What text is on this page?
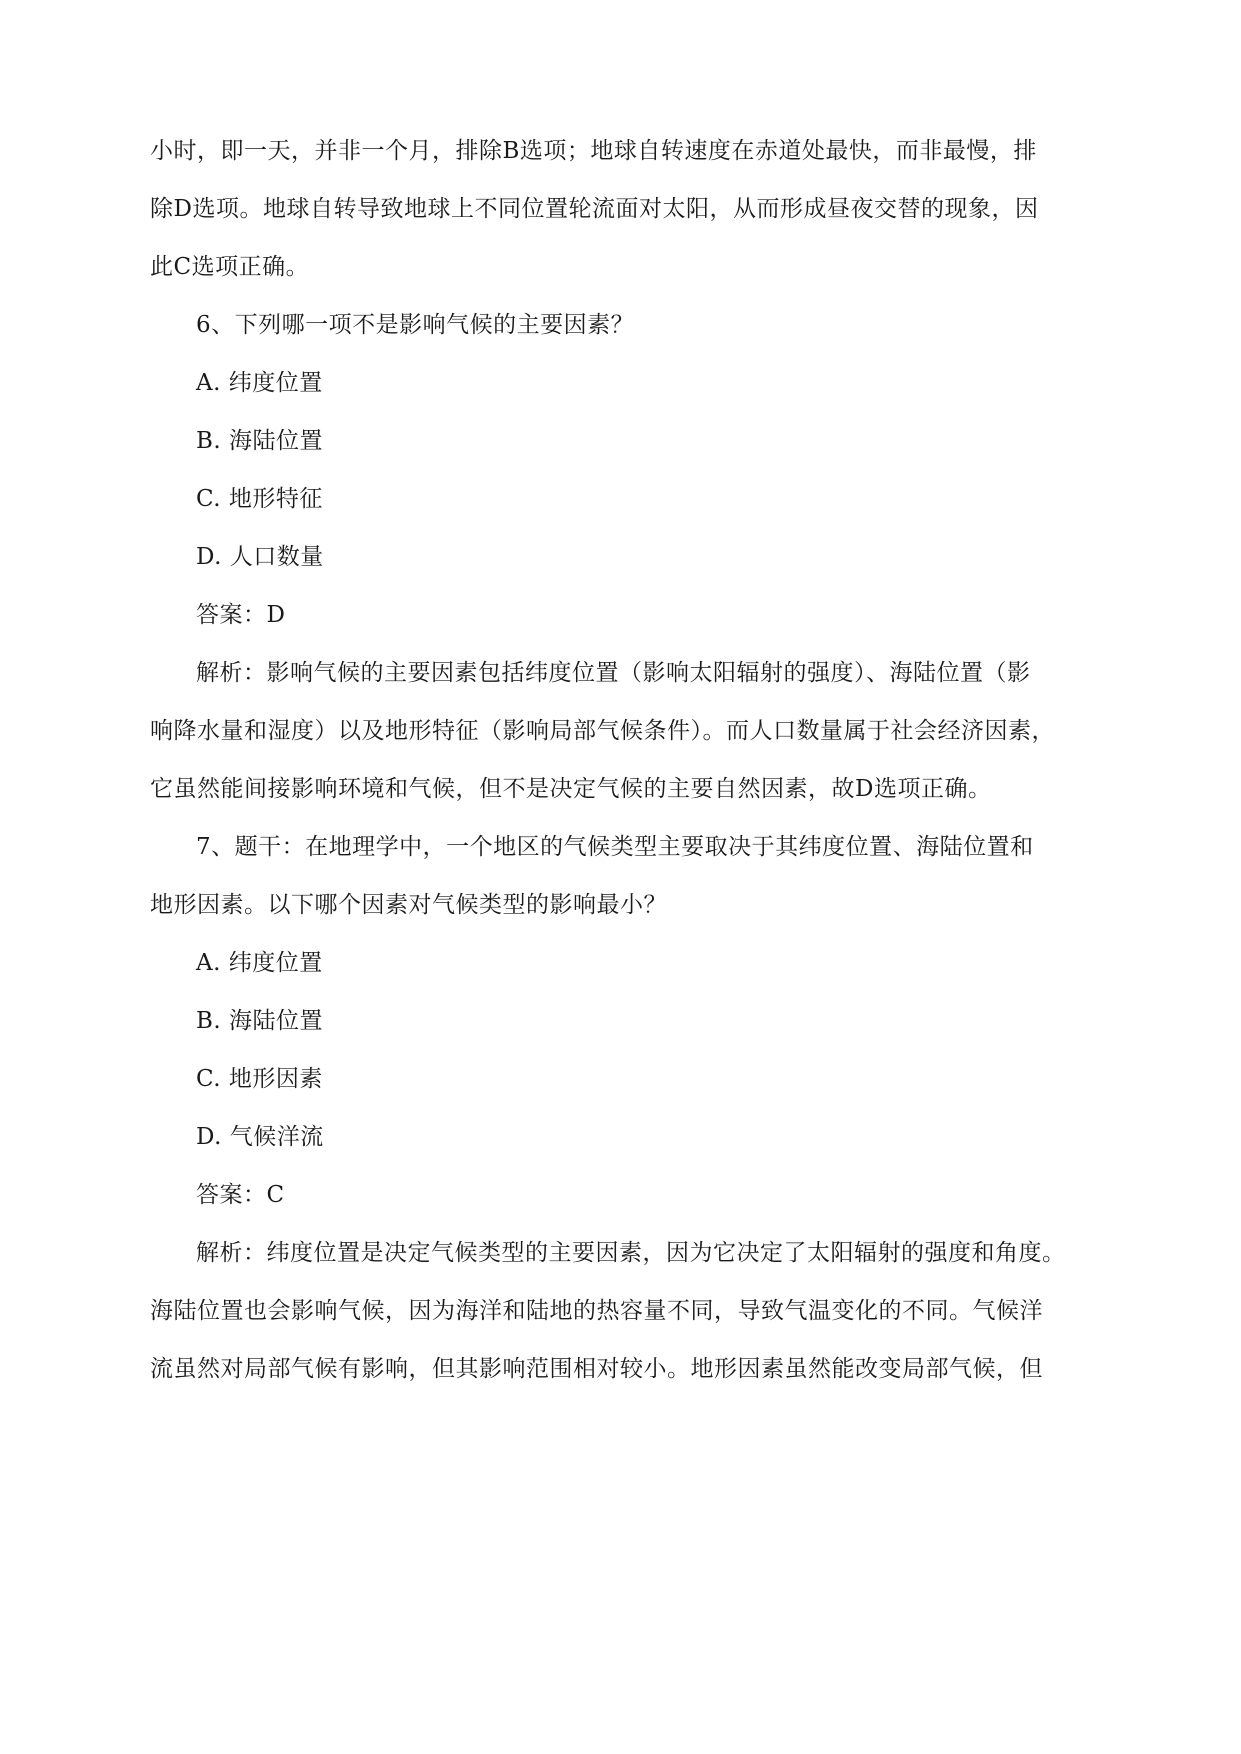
小时，即一天，并非一个月，排除B选项；地球自转速度在赤道处最快，而非最慢，排
除D选项。地球自转导致地球上不同位置轮流面对太阳，从而形成昼夜交替的现象，因
此C选项正确。
6、下列哪一项不是影响气候的主要因素？
A. 纬度位置
B. 海陆位置
C. 地形特征
D. 人口数量
答案：D
解析：影响气候的主要因素包括纬度位置（影响太阳辐射的强度）、海陆位置（影
响降水量和湿度）以及地形特征（影响局部气候条件）。而人口数量属于社会经济因素，
它虽然能间接影响环境和气候，但不是决定气候的主要自然因素，故D选项正确。
7、题干：在地理学中，一个地区的气候类型主要取决于其纬度位置、海陆位置和
地形因素。以下哪个因素对气候类型的影响最小？
A. 纬度位置
B. 海陆位置
C. 地形因素
D. 气候洋流
答案：C
解析：纬度位置是决定气候类型的主要因素，因为它决定了太阳辐射的强度和角度。
海陆位置也会影响气候，因为海洋和陆地的热容量不同，导致气温变化的不同。气候洋
流虽然对局部气候有影响，但其影响范围相对较小。地形因素虽然能改变局部气候，但
